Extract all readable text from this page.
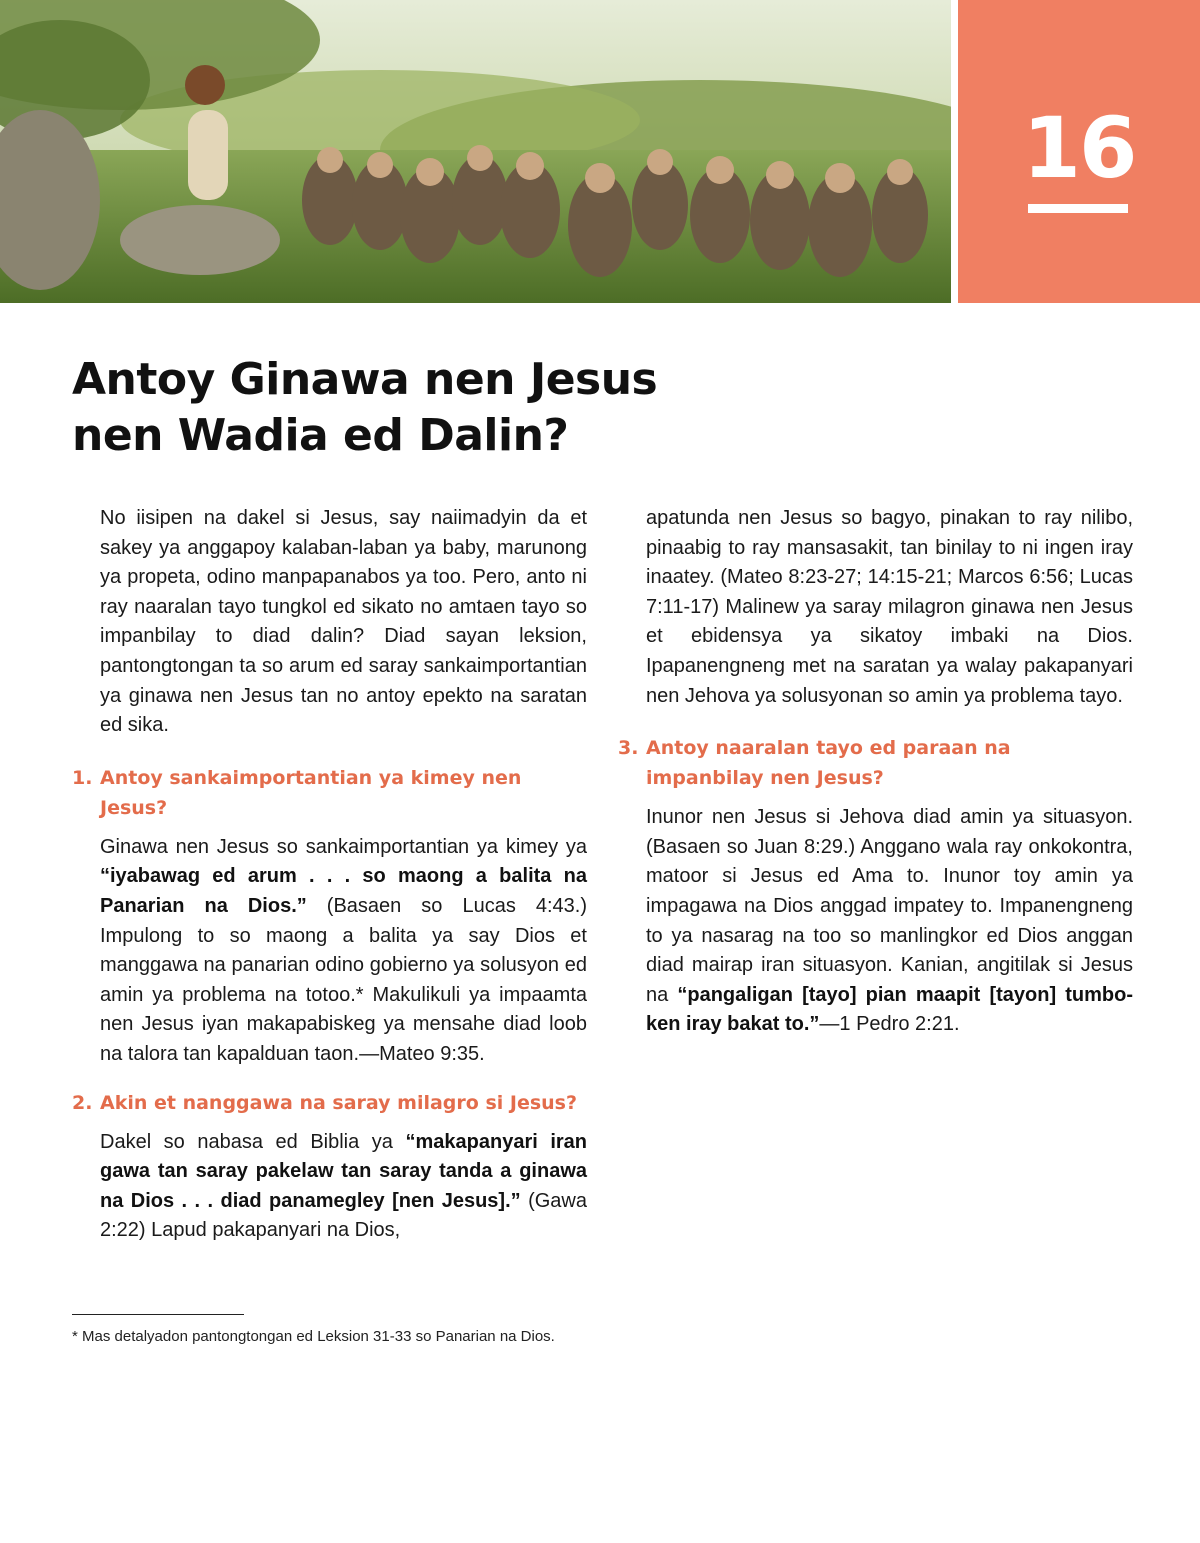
16
Antoy Ginawa nen Jesus
nen Wadia ed Dalin?

No iisipen na dakel si Jesus, say naiimadyin da et sakey ya anggapoy kalaban-laban ya baby, marunong ya propeta, odino manpapanabos ya too. Pero, anto ni ray naaralan tayo tungkol ed sikato no amtaen tayo so impanbilay to diad dalin? Diad sayan leksion, pantongtongan ta so arum ed saray sankaimportantian ya ginawa nen Jesus tan no antoy epekto na saratan ed sika.

1. Antoy sankaimportantian ya kimey nen Jesus?

Ginawa nen Jesus so sankaimportantian ya kimey ya “iyabawag ed arum . . . so maong a balita na Panarian na Dios.” (Basaen so Lucas 4:43.) Impulong to so maong a balita ya say Dios et manggawa na panarian odino gobierno ya solusyon ed amin ya problema na totoo.* Makulikuli ya impaamta nen Jesus iyan makapabiskeg ya mensahe diad loob na talora tan kapalduan taon.—Mateo 9:35.

2. Akin et nanggawa na saray milagro si Jesus?

Dakel so nabasa ed Biblia ya “makapanyari iran gawa tan saray pakelaw tan saray tanda a ginawa na Dios . . . diad panamegley [nen Jesus].” (Gawa 2:22) Lapud pakapanyari na Dios,

apatunda nen Jesus so bagyo, pinakan to ray nilibo, pinaabig to ray mansasakit, tan binilay to ni ingen iray inaatey. (Mateo 8:23-27; 14:15-21; Marcos 6:56; Lucas 7:11-17) Malinew ya saray milagron ginawa nen Jesus et ebidensya ya sikatoy imbaki na Dios. Ipapanengneng met na saratan ya walay pakapanyari nen Jehova ya solusyonan so amin ya problema tayo.

3. Antoy naaralan tayo ed paraan na impanbilay nen Jesus?

Inunor nen Jesus si Jehova diad amin ya situasyon. (Basaen so Juan 8:29.) Anggano wala ray onkokontra, matoor si Jesus ed Ama to. Inunor toy amin ya impagawa na Dios anggad impatey to. Impanengneng to ya nasarag na too so manlingkor ed Dios anggan diad mairap iran situasyon. Kanian, angitilak si Jesus na “pangaligan [tayo] pian maapit [tayon] tumboken iray bakat to.”—1 Pedro 2:21.

* Mas detalyadon pantongtongan ed Leksion 31-33 so Panarian na Dios.
